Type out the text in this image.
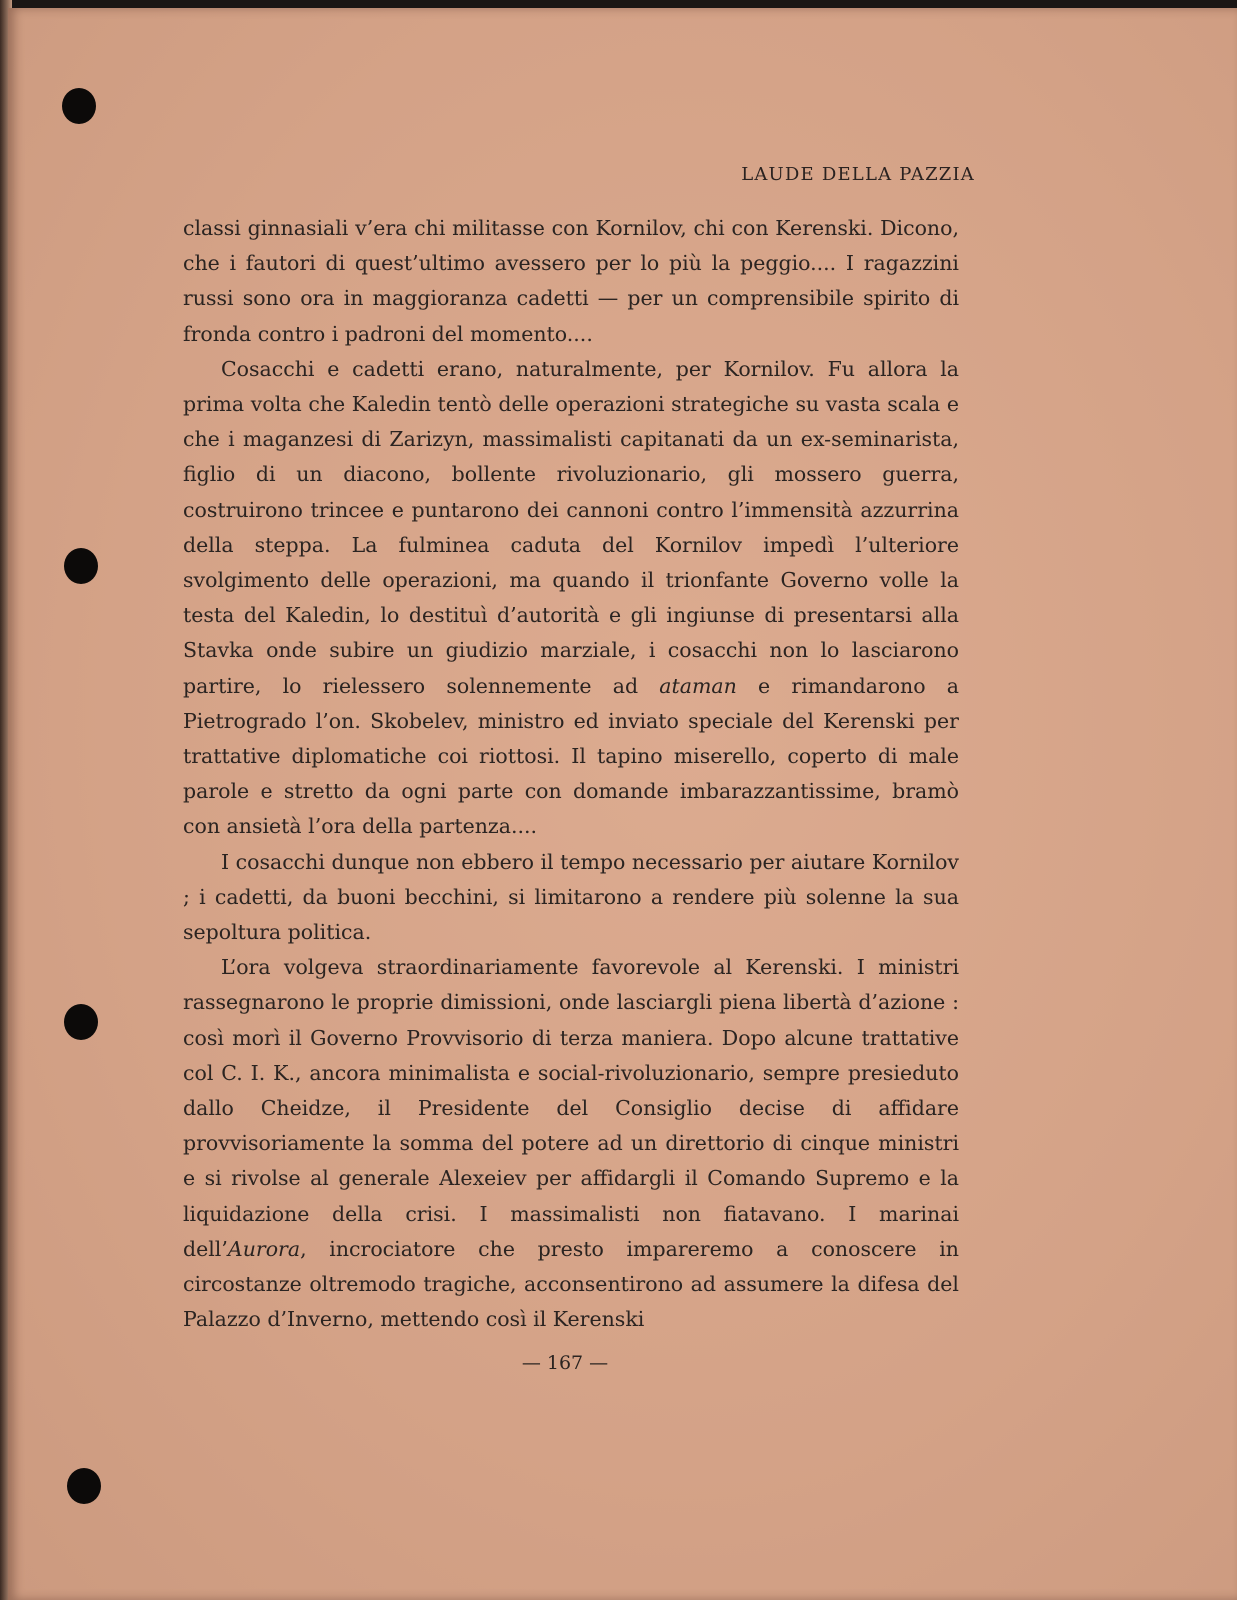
LAUDE DELLA PAZZIA

classi ginnasiali v’era chi militasse con Kornilov, chi con Kerenski. Dicono, che i fautori di quest’ultimo avessero per lo più la peggio.... I ragazzini russi sono ora in maggioranza cadetti — per un comprensibile spirito di fronda contro i padroni del momento....

Cosacchi e cadetti erano, naturalmente, per Kornilov. Fu allora la prima volta che Kaledin tentò delle operazioni strategiche su vasta scala e che i maganzesi di Zarizyn, massimalisti capitanati da un ex-seminarista, figlio di un diacono, bollente rivoluzionario, gli mossero guerra, costruirono trincee e puntarono dei cannoni contro l’immensità azzurrina della steppa. La fulminea caduta del Kornilov impedì l’ulteriore svolgimento delle operazioni, ma quando il trionfante Governo volle la testa del Kaledin, lo destituì d’autorità e gli ingiunse di presentarsi alla Stavka onde subire un giudizio marziale, i cosacchi non lo lasciarono partire, lo rielessero solennemente ad ataman e rimandarono a Pietrogrado l’on. Skobelev, ministro ed inviato speciale del Kerenski per trattative diplomatiche coi riottosi. Il tapino miserello, coperto di male parole e stretto da ogni parte con domande imbarazzantissime, bramò con ansietà l’ora della partenza....

I cosacchi dunque non ebbero il tempo necessario per aiutare Kornilov ; i cadetti, da buoni becchini, si limitarono a rendere più solenne la sua sepoltura politica.

L’ora volgeva straordinariamente favorevole al Kerenski. I ministri rassegnarono le proprie dimissioni, onde lasciargli piena libertà d’azione : così morì il Governo Provvisorio di terza maniera. Dopo alcune trattative col C. I. K., ancora minimalista e social-rivoluzionario, sempre presieduto dallo Cheidze, il Presidente del Consiglio decise di affidare provvisoriamente la somma del potere ad un direttorio di cinque ministri e si rivolse al generale Alexeiev per affidargli il Comando Supremo e la liquidazione della crisi. I massimalisti non fiatavano. I marinai dell’Aurora, incrociatore che presto impareremo a conoscere in circostanze oltremodo tragiche, acconsentirono ad assumere la difesa del Palazzo d’Inverno, mettendo così il Kerenski

— 167 —
